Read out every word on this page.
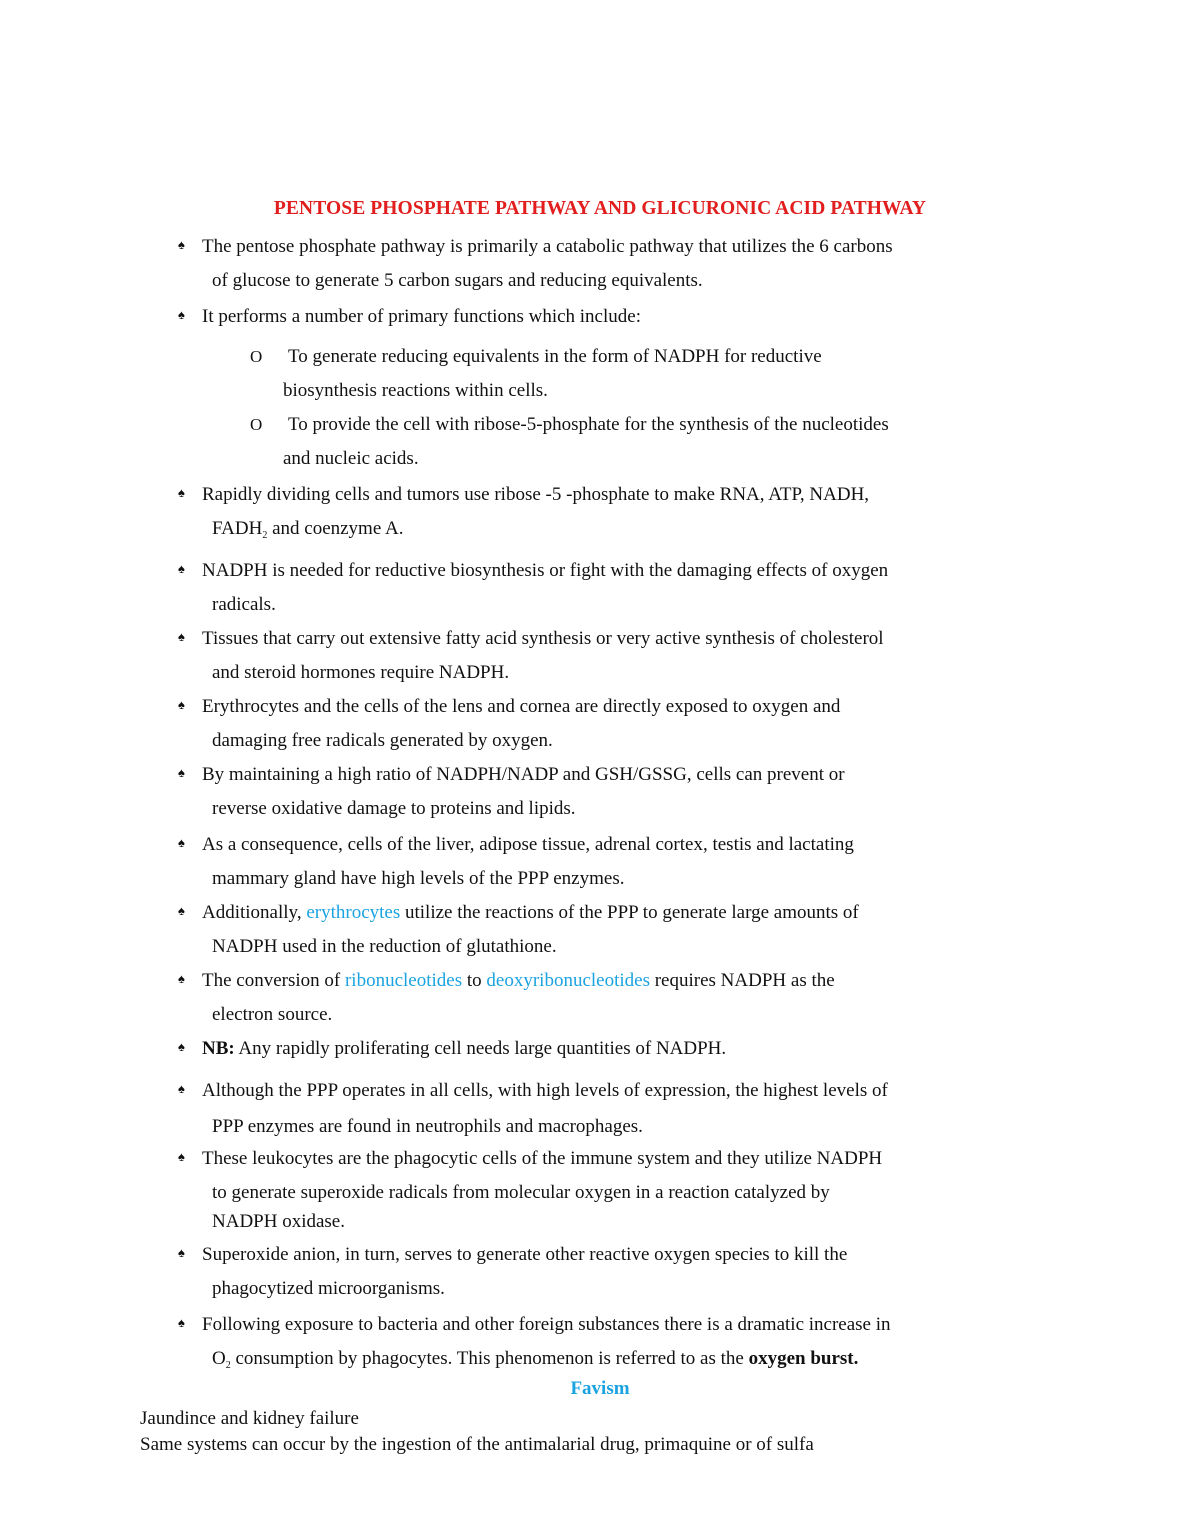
PENTOSE PHOSPHATE PATHWAY AND GLICURONIC ACID PATHWAY
♠ The pentose phosphate pathway is primarily a catabolic pathway that utilizes the 6 carbons
of glucose to generate 5 carbon sugars and reducing equivalents.
♠ It performs a number of primary functions which include:
O To generate reducing equivalents in the form of NADPH for reductive
biosynthesis reactions within cells.
O To provide the cell with ribose-5-phosphate for the synthesis of the nucleotides
and nucleic acids.
♠ Rapidly dividing cells and tumors use ribose -5 -phosphate to make RNA, ATP, NADH,
$FADH_2$ and coenzyme A.
♠ NADPH is needed for reductive biosynthesis or fight with the damaging effects of oxygen
radicals.
♠ Tissues that carry out extensive fatty acid synthesis or very active synthesis of cholesterol
and steroid hormones require NADPH.
♠ Erythrocytes and the cells of the lens and cornea are directly exposed to oxygen and
damaging free radicals generated by oxygen.
♠ By maintaining a high ratio of NADPH/NADP and GSH/GSSG, cells can prevent or
reverse oxidative damage to proteins and lipids.
♠ As a consequence, cells of the liver, adipose tissue, adrenal cortex, testis and lactating
mammary gland have high levels of the PPP enzymes.
♠ Additionally, erythrocytes utilize the reactions of the PPP to generate large amounts of
NADPH used in the reduction of glutathione.
♠ The conversion of ribonucleotides to deoxyribonucleotides requires NADPH as the
electron source.
♠ NB: Any rapidly proliferating cell needs large quantities of NADPH.
♠ Although the PPP operates in all cells, with high levels of expression, the highest levels of
PPP enzymes are found in neutrophils and macrophages.
♠ These leukocytes are the phagocytic cells of the immune system and they utilize NADPH
to generate superoxide radicals from molecular oxygen in a reaction catalyzed by
NADPH oxidase.
♠ Superoxide anion, in turn, serves to generate other reactive oxygen species to kill the
phagocytized microorganisms.
♠ Following exposure to bacteria and other foreign substances there is a dramatic increase in
$O_2$ consumption by phagocytes. This phenomenon is referred to as the oxygen burst.
Favism
Jaundince and kidney failure
Same systems can occur by the ingestion of the antimalarial drug, primaquine or of sulfa
